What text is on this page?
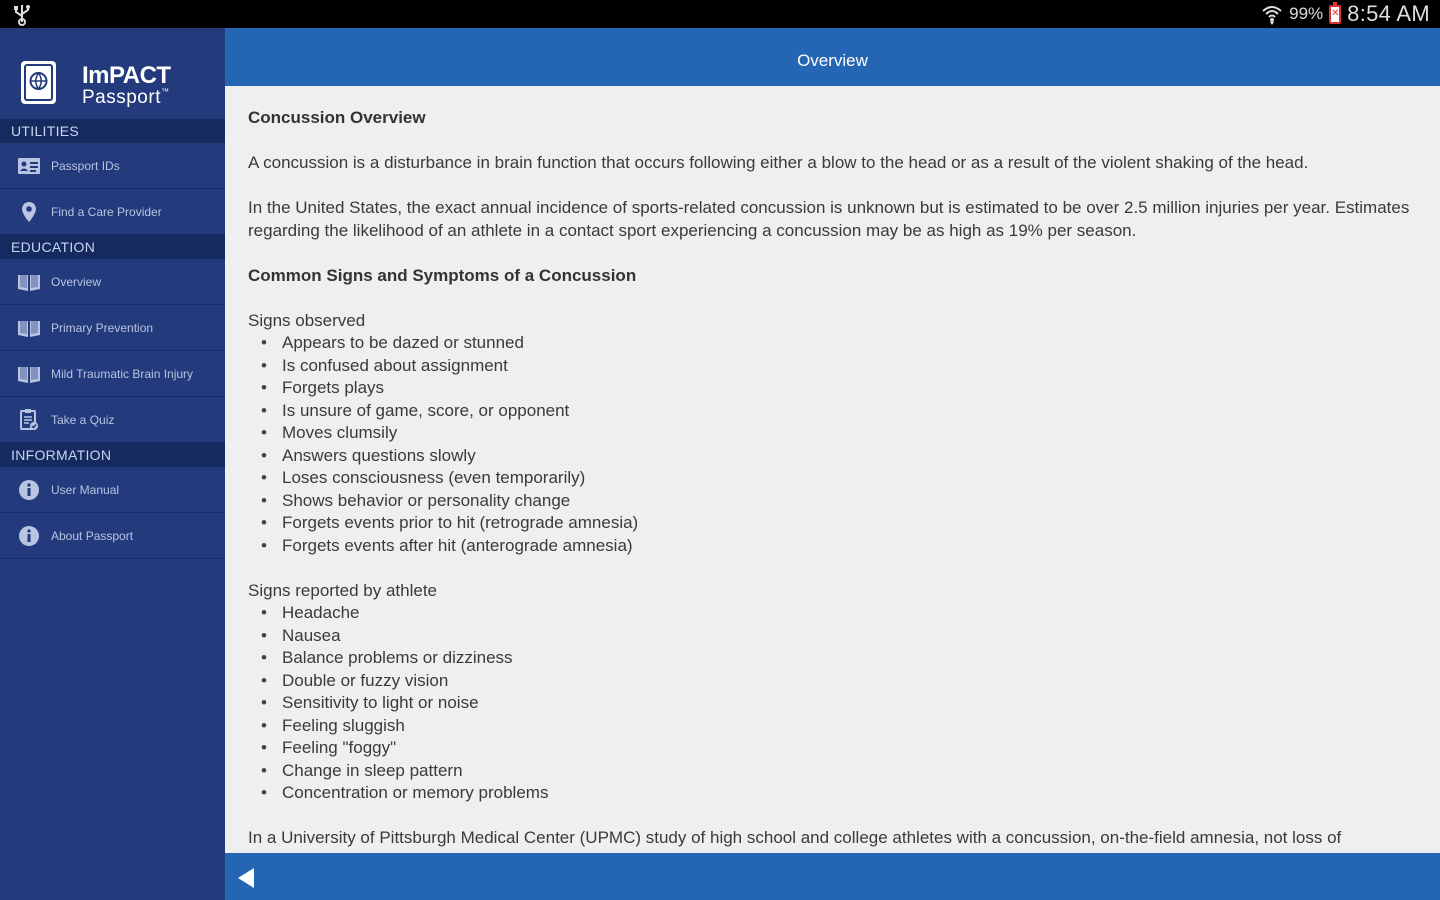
99%
✕ 8:54 AM
ImPACT
Passport™
UTILITIES
Passport IDs
Find a Care Provider
EDUCATION
Overview
Primary Prevention
Mild Traumatic Brain Injury
Take a Quiz
INFORMATION
User Manual
About Passport
Overview
Concussion Overview
A concussion is a disturbance in brain function that occurs following either a blow to the head or as a result of the violent shaking of the head.
In the United States, the exact annual incidence of sports-related concussion is unknown but is estimated to be over 2.5 million injuries per year. Estimates regarding the likelihood of an athlete in a contact sport experiencing a concussion may be as high as 19% per season.
Common Signs and Symptoms of a Concussion
Signs observed
• Appears to be dazed or stunned
• Is confused about assignment
• Forgets plays
• Is unsure of game, score, or opponent
• Moves clumsily
• Answers questions slowly
• Loses consciousness (even temporarily)
• Shows behavior or personality change
• Forgets events prior to hit (retrograde amnesia)
• Forgets events after hit (anterograde amnesia)
Signs reported by athlete
• Headache
• Nausea
• Balance problems or dizziness
• Double or fuzzy vision
• Sensitivity to light or noise
• Feeling sluggish
• Feeling "foggy"
• Change in sleep pattern
• Concentration or memory problems
In a University of Pittsburgh Medical Center (UPMC) study of high school and college athletes with a concussion, on-the-field amnesia, not loss of
